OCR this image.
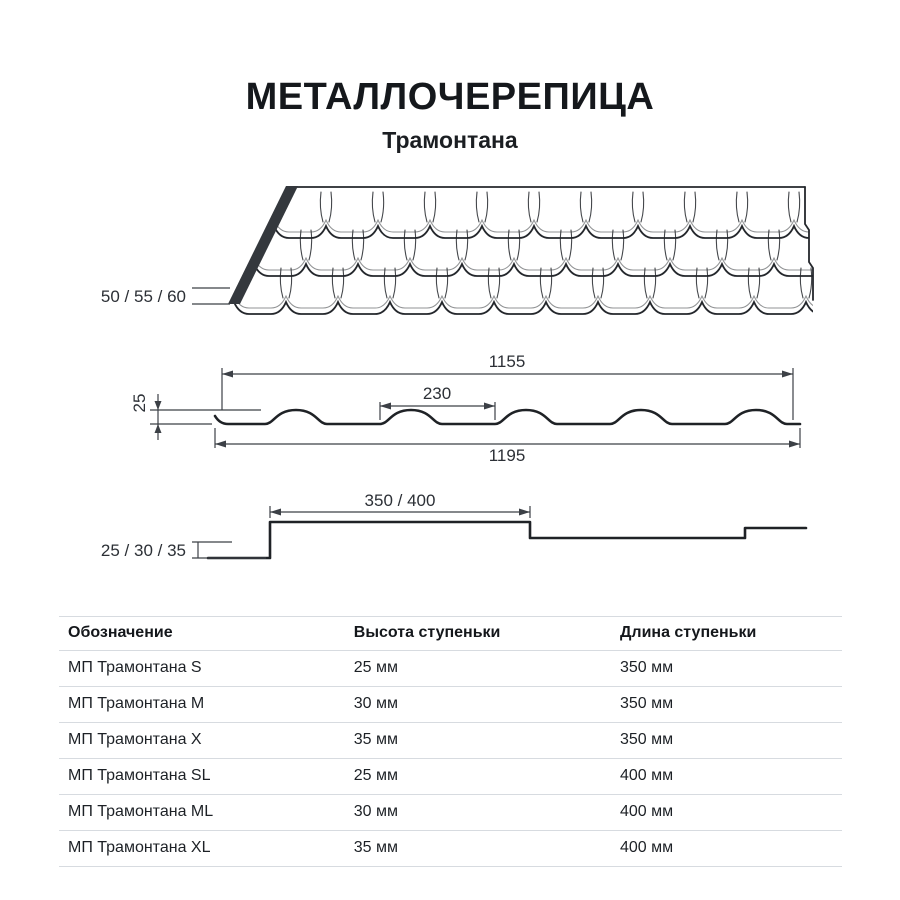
МЕТАЛЛОЧЕРЕПИЦА
Трамонтана
50 / 55 / 60
1155
230
1195
25
350 / 400
25 / 30 / 35
Обозначение	Высота ступеньки	Длина ступеньки
МП Трамонтана S	25 мм	350 мм
МП Трамонтана M	30 мм	350 мм
МП Трамонтана X	35 мм	350 мм
МП Трамонтана SL	25 мм	400 мм
МП Трамонтана ML	30 мм	400 мм
МП Трамонтана XL	35 мм	400 мм
